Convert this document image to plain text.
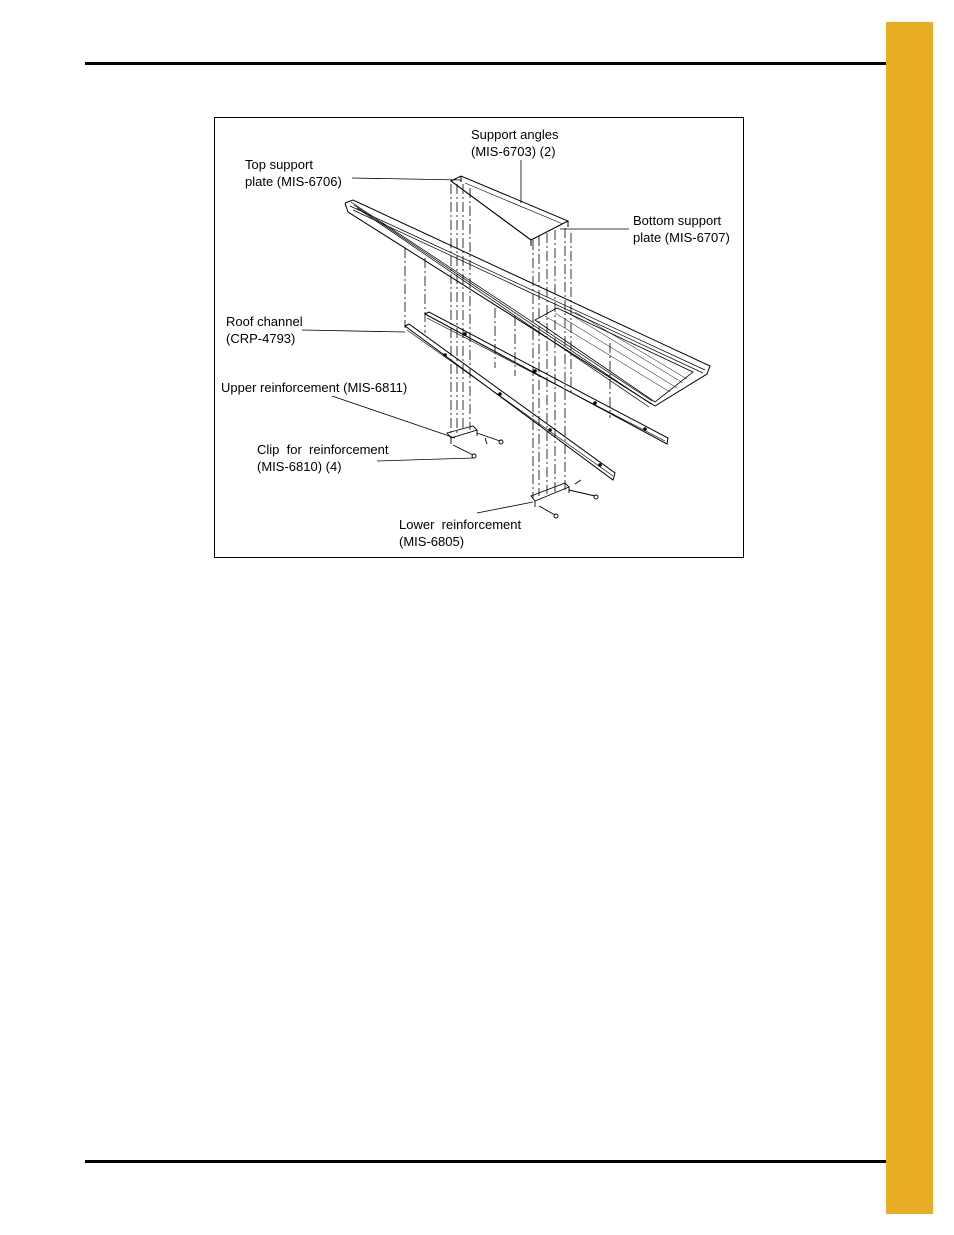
Support angles
(MIS-6703) (2)
Top support
plate (MIS-6706)
Bottom support
plate (MIS-6707)
Roof channel
(CRP-4793)
Upper reinforcement (MIS-6811)
Clip  for  reinforcement
(MIS-6810) (4)
Lower  reinforcement
(MIS-6805)
